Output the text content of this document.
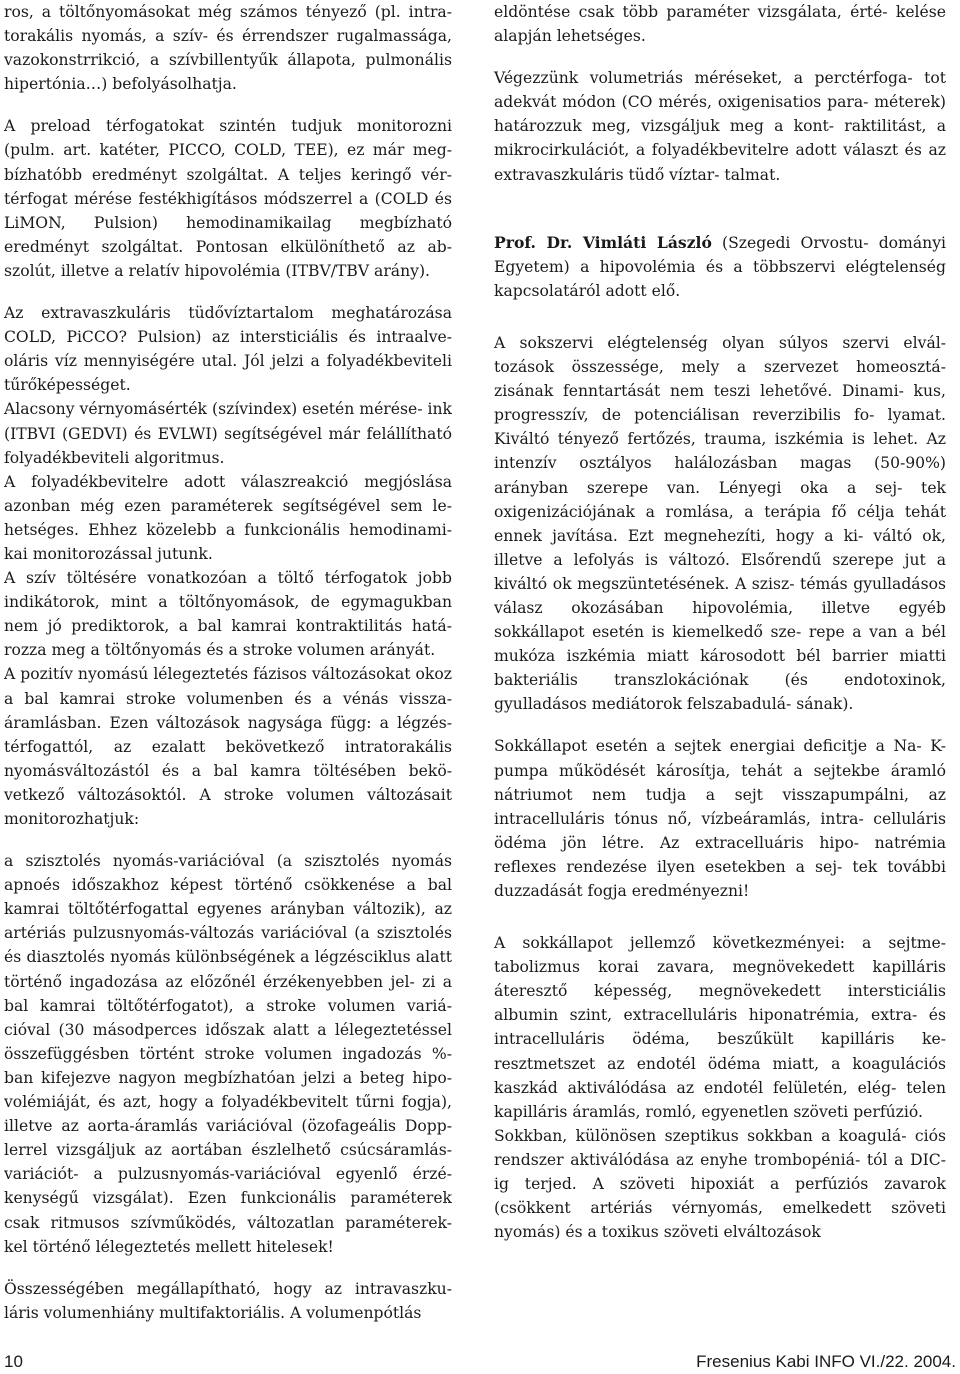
ros, a töltőnyomásokat még számos tényező (pl. intra- torakális nyomás, a szív- és érrendszer rugalmassága, vazokonstrrikció, a szívbillentyűk állapota, pulmonális hipertónia…) befolyásolhatja.

A preload térfogatokat szintén tudjuk monitorozni (pulm. art. katéter, PICCO, COLD, TEE), ez már meg- bízhatóbb eredményt szolgáltat. A teljes keringő vér- térfogat mérése festékhigításos módszerrel a (COLD és LiMON, Pulsion) hemodinamikailag megbízható eredményt szolgáltat. Pontosan elkülöníthető az ab- szolút, illetve a relatív hipovolémia (ITBV/TBV arány).

Az extravaszkuláris tüdővíztartalom meghatározása COLD, PiCCO? Pulsion) az intersticiális és intraalve- oláris víz mennyiségére utal. Jól jelzi a folyadékbeviteli tűrőképességet.

Alacsony vérnyomásérték (szívindex) esetén mérése- ink (ITBVI (GEDVI) és EVLWI) segítségével már felállítható folyadékbeviteli algoritmus.

A folyadékbevitelre adott válaszreakció megjóslása azonban még ezen paraméterek segítségével sem le- hetséges. Ehhez közelebb a funkcionális hemodinami- kai monitorozással jutunk.

A szív töltésére vonatkozóan a töltő térfogatok jobb indikátorok, mint a töltőnyomások, de egymagukban nem jó prediktorok, a bal kamrai kontraktilitás hatá- rozza meg a töltőnyomás és a stroke volumen arányát.

A pozitív nyomású lélegeztetés fázisos változásokat okoz a bal kamrai stroke volumenben és a vénás vissza- áramlásban. Ezen változások nagysága függ: a légzés- térfogattól, az ezalatt bekövetkező intratorakális nyomásváltozástól és a bal kamra töltésében bekö- vetkező változásoktól. A stroke volumen változásait monitorozhatjuk:

a szisztolés nyomás-variációval (a szisztolés nyomás apnoés időszakhoz képest történő csökkenése a bal kamrai töltőtérfogattal egyenes arányban változik), az artériás pulzusnyomás-változás variációval (a szisztolés és diasztolés nyomás különbségének a légzésciklus alatt történő ingadozása az előzőnél érzékenyebben jel- zi a bal kamrai töltőtérfogatot), a stroke volumen variá- cióval (30 másodperces időszak alatt a lélegeztetéssel összefüggésben történt stroke volumen ingadozás %- ban kifejezve nagyon megbízhatóan jelzi a beteg hipo- volémiáját, és azt, hogy a folyadékbevitelt tűrni fogja), illetve az aorta-áramlás variációval (özofageális Dopp- lerrel vizsgáljuk az aortában észlelhető csúcsáramlás- variációt- a pulzusnyomás-variációval egyenlő érzé- kenységű vizsgálat). Ezen funkcionális paraméterek csak ritmusos szívműködés, változatlan paraméterek- kel történő lélegeztetés mellett hitelesek!

Összességében megállapítható, hogy az intravaszku- láris volumenhiány multifaktoriális. A volumenpótlás

eldöntése csak több paraméter vizsgálata, érté- kelése alapján lehetséges.

Végezzünk volumetriás méréseket, a perctérfoga- tot adekvát módon (CO mérés, oxigenisatios para- méterek) határozzuk meg, vizsgáljuk meg a kont- raktilitást, a mikrocirkulációt, a folyadékbevitelre adott választ és az extravaszkuláris tüdő víztar- talmat.

Prof. Dr. Vimláti László (Szegedi Orvostu- dományi Egyetem) a hipovolémia és a többszervi elégtelenség kapcsolatáról adott elő.

A sokszervi elégtelenség olyan súlyos szervi elvál- tozások összessége, mely a szervezet homeosztá- zisának fenntartását nem teszi lehetővé. Dinami- kus, progresszív, de potenciálisan reverzibilis fo- lyamat. Kiváltó tényező fertőzés, trauma, iszkémia is lehet. Az intenzív osztályos halálozásban magas (50-90%) arányban szerepe van. Lényegi oka a sej- tek oxigenizációjának a romlása, a terápia fő célja tehát ennek javítása. Ezt megnehezíti, hogy a ki- váltó ok, illetve a lefolyás is változó. Elsőrendű szerepe jut a kiváltó ok megszüntetésének. A szisz- témás gyulladásos válasz okozásában hipovolémia, illetve egyéb sokkállapot esetén is kiemelkedő sze- repe a van a bél mukóza iszkémia miatt károsodott bél barrier miatti bakteriális transzlokációnak (és endotoxinok, gyulladásos mediátorok felszabadulá- sának).

Sokkállapot esetén a sejtek energiai deficitje a Na- K-pumpa működését károsítja, tehát a sejtekbe áramló nátriumot nem tudja a sejt visszapumpálni, az intracelluláris tónus nő, vízbeáramlás, intra- celluláris ödéma jön létre. Az extracelluáris hipo- natrémia reflexes rendezése ilyen esetekben a sej- tek további duzzadását fogja eredményezni!

A sokkállapot jellemző következményei: a sejtme- tabolizmus korai zavara, megnövekedett kapilláris áteresztő képesség, megnövekedett intersticiális albumin szint, extracelluláris hiponatrémia, extra- és intracelluláris ödéma, beszűkült kapilláris ke- resztmetszet az endotél ödéma miatt, a koagulációs kaszkád aktiválódása az endotél felületén, elég- telen kapilláris áramlás, romló, egyenetlen szöveti perfúzió.

Sokkban, különösen szeptikus sokkban a koagulá- ciós rendszer aktiválódása az enyhe trombopéniá- tól a DIC-ig terjed. A szöveti hipoxiát a perfúziós zavarok (csökkent artériás vérnyomás, emelkedett szöveti nyomás) és a toxikus szöveti elváltozások

10	Fresenius Kabi INFO VI./22. 2004.
